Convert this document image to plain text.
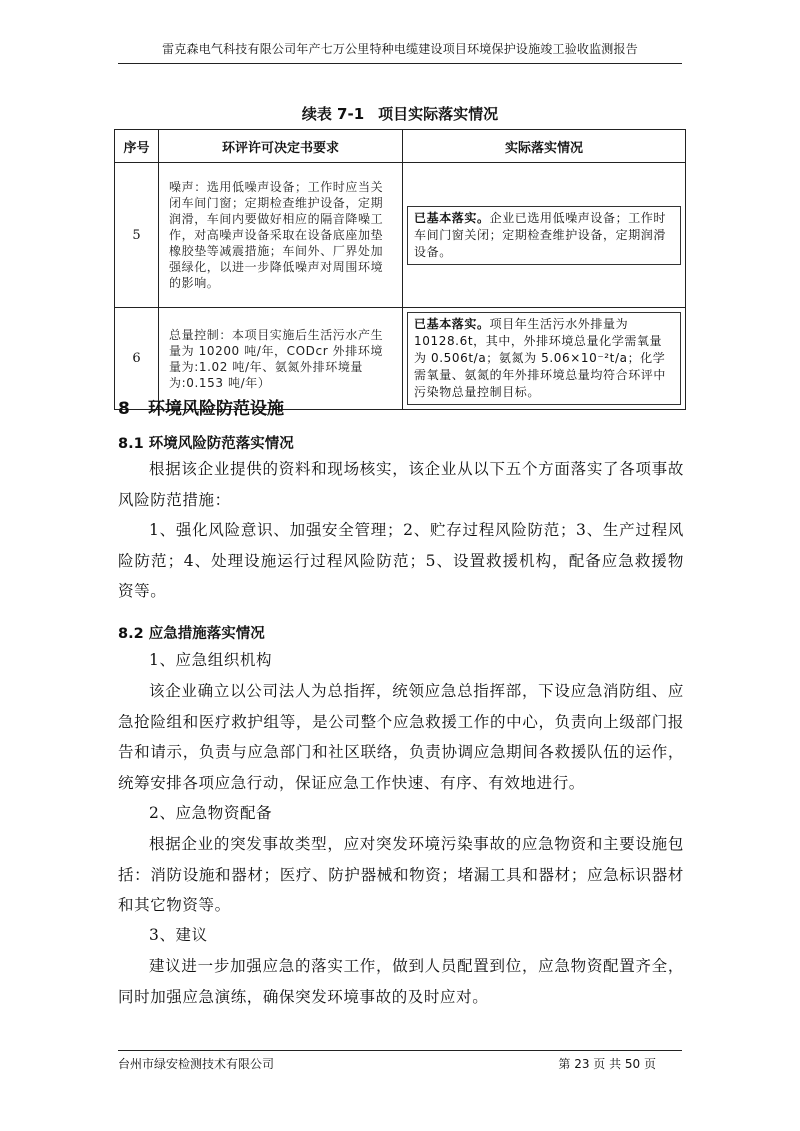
雷克森电气科技有限公司年产七万公里特种电缆建设项目环境保护设施竣工验收监测报告
续表 7-1 项目实际落实情况
序号	环评许可决定书要求	实际落实情况
5	噪声：选用低噪声设备；工作时应当关闭车间门窗；定期检查维护设备，定期润滑，车间内要做好相应的隔音降噪工作，对高噪声设备采取在设备底座加垫橡胶垫等减震措施；车间外、厂界处加强绿化，以进一步降低噪声对周围环境的影响。	已基本落实。企业已选用低噪声设备；工作时车间门窗关闭；定期检查维护设备，定期润滑设备。

6	总量控制：本项目实施后生活污水产生量为 10200 吨/年，CODcr 外排环境量为:1.02 吨/年、氨氮外排环境量为:0.153 吨/年）	已基本落实。项目年生活污水外排量为10128.6t，其中，外排环境总量化学需氧量为 0.506t/a；氨氮为 5.06×10⁻²t/a；化学需氧量、氨氮的年外排环境总量均符合环评中污染物总量控制目标。
8 环境风险防范设施
8.1 环境风险防范落实情况

根据该企业提供的资料和现场核实，该企业从以下五个方面落实了各项事故风险防范措施：

1、强化风险意识、加强安全管理；2、贮存过程风险防范；3、生产过程风险防范；4、处理设施运行过程风险防范；5、设置救援机构，配备应急救援物资等。

8.2 应急措施落实情况

1、应急组织机构

该企业确立以公司法人为总指挥，统领应急总指挥部，下设应急消防组、应急抢险组和医疗救护组等，是公司整个应急救援工作的中心，负责向上级部门报告和请示，负责与应急部门和社区联络，负责协调应急期间各救援队伍的运作，统筹安排各项应急行动，保证应急工作快速、有序、有效地进行。

2、应急物资配备

根据企业的突发事故类型，应对突发环境污染事故的应急物资和主要设施包括：消防设施和器材；医疗、防护器械和物资；堵漏工具和器材；应急标识器材和其它物资等。

3、建议

建议进一步加强应急的落实工作，做到人员配置到位，应急物资配置齐全，同时加强应急演练，确保突发环境事故的及时应对。

台州市绿安检测技术有限公司	第 23 页 共 50 页
